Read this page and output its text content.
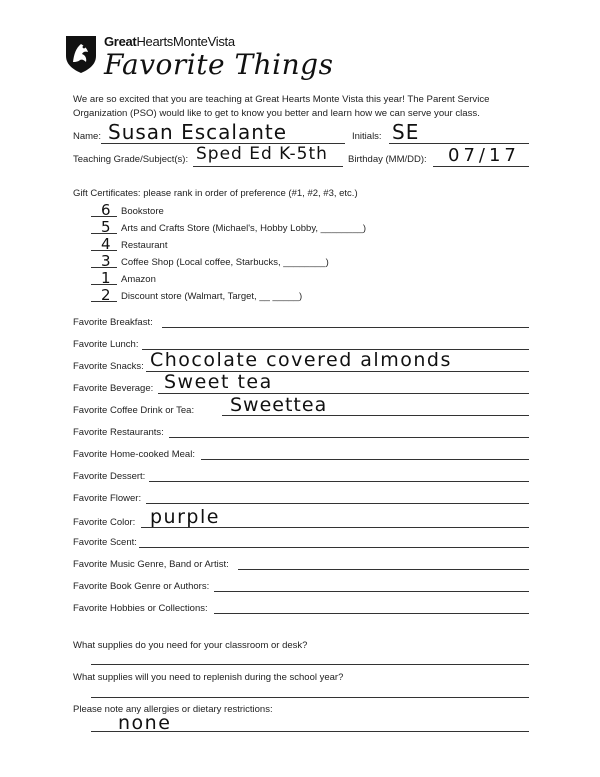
GreatHeartsMonteVista
Favorite Things
We are so excited that you are teaching at Great Hearts Monte Vista this year! The Parent Service
Organization (PSO) would like to get to know you better and learn how we can serve your class.
Name: Susan Escalante	Initials: SE
Teaching Grade/Subject(s): Sped Ed K-5th Birthday (MM/DD): 07/17
Gift Certificates: please rank in order of preference (#1, #2, #3, etc.)
6 Bookstore
5 Arts and Crafts Store (Michael's, Hobby Lobby, ________)
4 Restaurant
3 Coffee Shop (Local coffee, Starbucks, ________)
1 Amazon
2 Discount store (Walmart, Target, __ _____)
Favorite Breakfast:
Favorite Lunch:
Favorite Snacks: Chocolate covered almonds
Favorite Beverage: Sweet tea
Favorite Coffee Drink or Tea: Sweettea
Favorite Restaurants:
Favorite Home-cooked Meal:
Favorite Dessert:
Favorite Flower:
Favorite Color: purple
Favorite Scent:
Favorite Music Genre, Band or Artist:
Favorite Book Genre or Authors:
Favorite Hobbies or Collections:
What supplies do you need for your classroom or desk?
What supplies will you need to replenish during the school year?
Please note any allergies or dietary restrictions:
none
